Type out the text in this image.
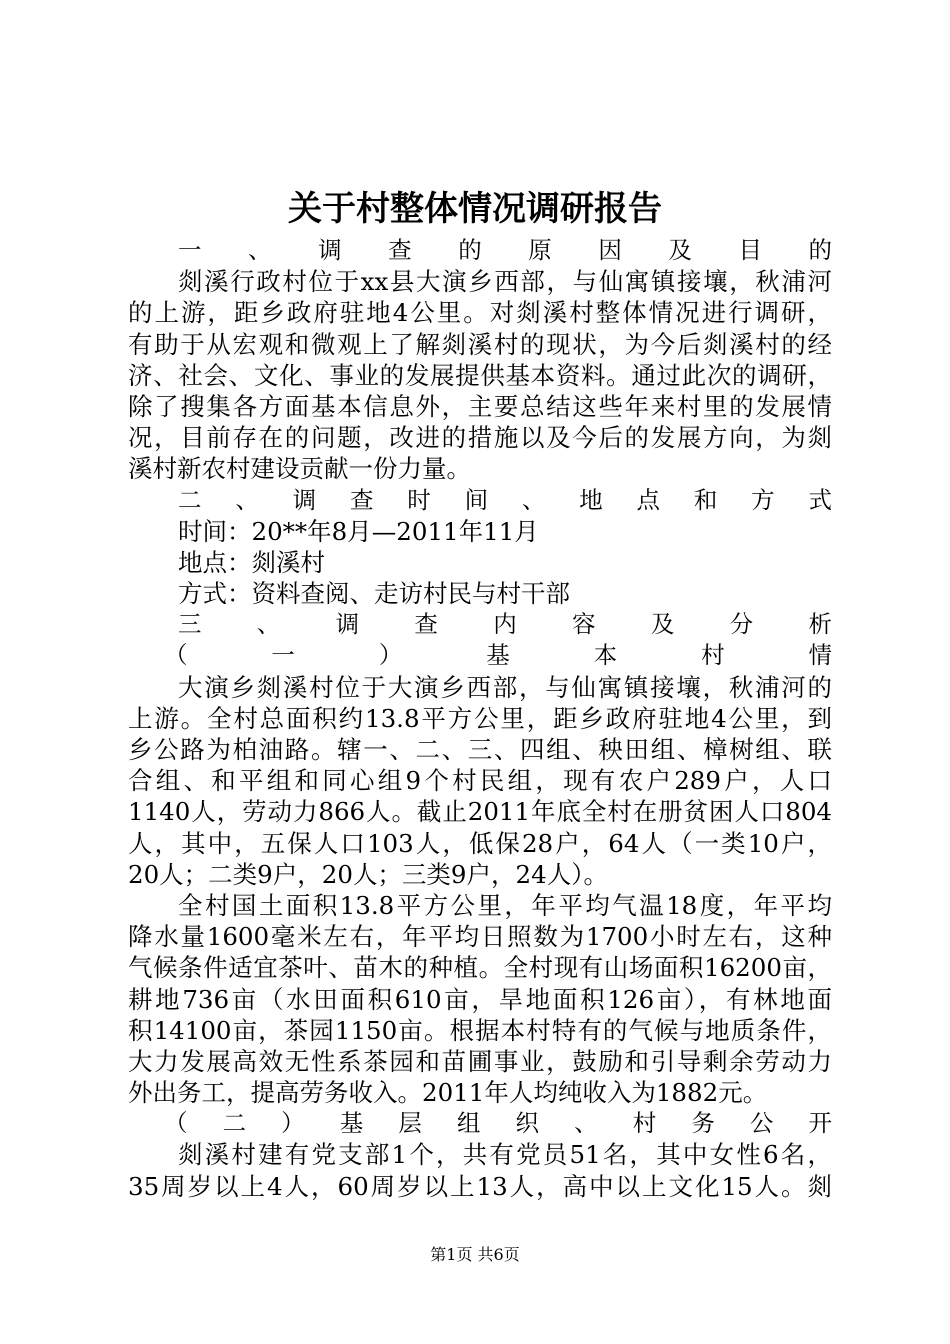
关于村整体情况调研报告
一、调查的原因及目的
剡溪行政村位于xx县大演乡西部，与仙寓镇接壤，秋浦河
的上游，距乡政府驻地4公里。对剡溪村整体情况进行调研，
有助于从宏观和微观上了解剡溪村的现状，为今后剡溪村的经
济、社会、文化、事业的发展提供基本资料。通过此次的调研，
除了搜集各方面基本信息外，主要总结这些年来村里的发展情
况，目前存在的问题，改进的措施以及今后的发展方向，为剡
溪村新农村建设贡献一份力量。
二、调查时间、地点和方式
时间：20**年8月—2011年11月
地点：剡溪村
方式：资料查阅、走访村民与村干部
三、调查内容及分析
（一）基本村情
大演乡剡溪村位于大演乡西部，与仙寓镇接壤，秋浦河的
上游。全村总面积约13.8平方公里，距乡政府驻地4公里，到
乡公路为柏油路。辖一、二、三、四组、秧田组、樟树组、联
合组、和平组和同心组9个村民组，现有农户289户，人口
1140人，劳动力866人。截止2011年底全村在册贫困人口804
人，其中，五保人口103人，低保28户，64人（一类10户，
20人；二类9户，20人；三类9户，24人）。
全村国土面积13.8平方公里，年平均气温18度，年平均
降水量1600毫米左右，年平均日照数为1700小时左右，这种
气候条件适宜茶叶、苗木的种植。全村现有山场面积16200亩，
耕地736亩（水田面积610亩，旱地面积126亩），有林地面
积14100亩，茶园1150亩。根据本村特有的气候与地质条件，
大力发展高效无性系茶园和苗圃事业，鼓励和引导剩余劳动力
外出务工，提高劳务收入。2011年人均纯收入为1882元。
（二）基层组织、村务公开
剡溪村建有党支部1个，共有党员51名，其中女性6名，
35周岁以上4人，60周岁以上13人，高中以上文化15人。剡
第1页 共6页
